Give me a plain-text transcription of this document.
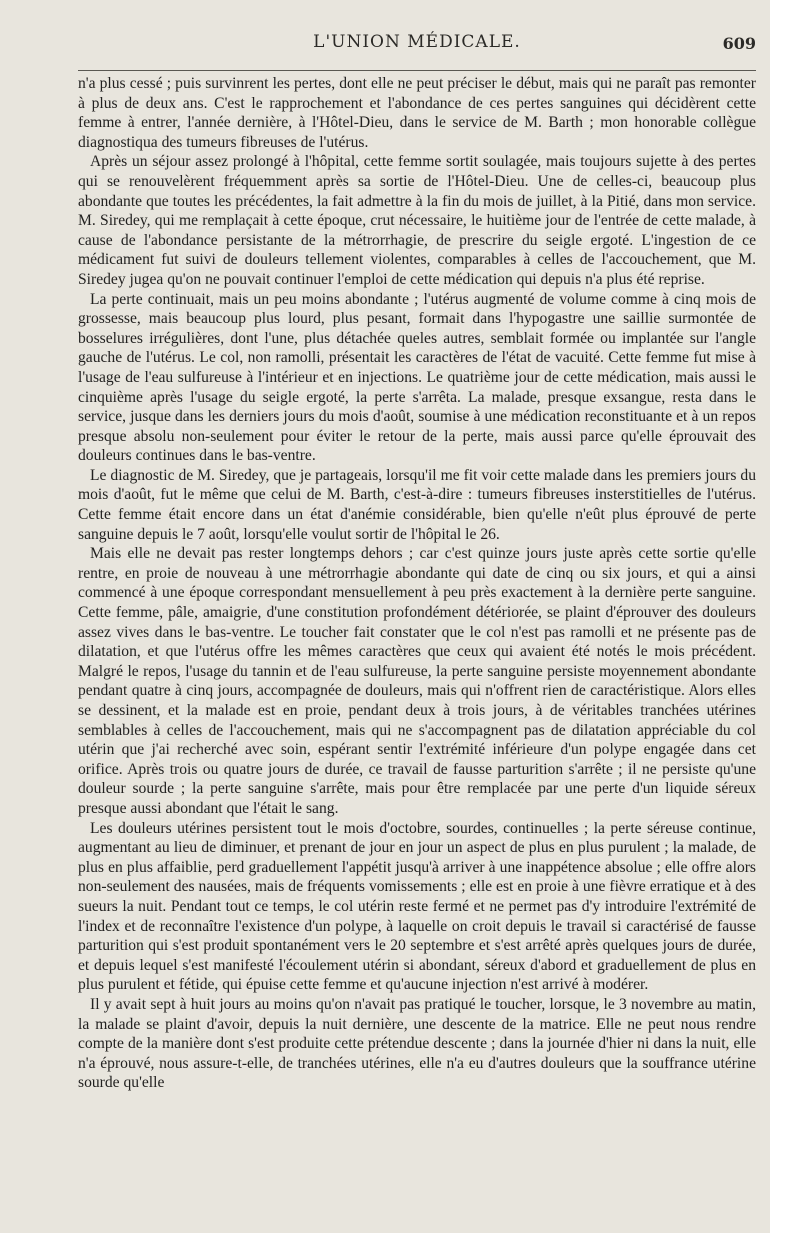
L'UNION MÉDICALE.	609

n'a plus cessé ; puis survinrent les pertes, dont elle ne peut préciser le début, mais qui ne paraît pas remonter à plus de deux ans. C'est le rapprochement et l'abondance de ces pertes sanguines qui décidèrent cette femme à entrer, l'année dernière, à l'Hôtel-Dieu, dans le service de M. Barth ; mon honorable collègue diagnostiqua des tumeurs fibreuses de l'utérus.

Après un séjour assez prolongé à l'hôpital, cette femme sortit soulagée, mais toujours sujette à des pertes qui se renouvelèrent fréquemment après sa sortie de l'Hôtel-Dieu. Une de celles-ci, beaucoup plus abondante que toutes les précédentes, la fait admettre à la fin du mois de juillet, à la Pitié, dans mon service. M. Siredey, qui me remplaçait à cette époque, crut nécessaire, le huitième jour de l'entrée de cette malade, à cause de l'abondance persistante de la métrorrhagie, de prescrire du seigle ergoté. L'ingestion de ce médicament fut suivi de douleurs tellement violentes, comparables à celles de l'accouchement, que M. Siredey jugea qu'on ne pouvait continuer l'emploi de cette médication qui depuis n'a plus été reprise.

La perte continuait, mais un peu moins abondante ; l'utérus augmenté de volume comme à cinq mois de grossesse, mais beaucoup plus lourd, plus pesant, formait dans l'hypogastre une saillie surmontée de bosselures irrégulières, dont l'une, plus détachée queles autres, semblait formée ou implantée sur l'angle gauche de l'utérus. Le col, non ramolli, présentait les caractères de l'état de vacuité. Cette femme fut mise à l'usage de l'eau sulfureuse à l'intérieur et en injections. Le quatrième jour de cette médication, mais aussi le cinquième après l'usage du seigle ergoté, la perte s'arrêta. La malade, presque exsangue, resta dans le service, jusque dans les derniers jours du mois d'août, soumise à une médication reconstituante et à un repos presque absolu non-seulement pour éviter le retour de la perte, mais aussi parce qu'elle éprouvait des douleurs continues dans le bas-ventre.

Le diagnostic de M. Siredey, que je partageais, lorsqu'il me fit voir cette malade dans les premiers jours du mois d'août, fut le même que celui de M. Barth, c'est-à-dire : tumeurs fibreuses insterstitielles de l'utérus. Cette femme était encore dans un état d'anémie considérable, bien qu'elle n'eût plus éprouvé de perte sanguine depuis le 7 août, lorsqu'elle voulut sortir de l'hôpital le 26.

Mais elle ne devait pas rester longtemps dehors ; car c'est quinze jours juste après cette sortie qu'elle rentre, en proie de nouveau à une métrorrhagie abondante qui date de cinq ou six jours, et qui a ainsi commencé à une époque correspondant mensuellement à peu près exactement à la dernière perte sanguine. Cette femme, pâle, amaigrie, d'une constitution profondément détériorée, se plaint d'éprouver des douleurs assez vives dans le bas-ventre. Le toucher fait constater que le col n'est pas ramolli et ne présente pas de dilatation, et que l'utérus offre les mêmes caractères que ceux qui avaient été notés le mois précédent. Malgré le repos, l'usage du tannin et de l'eau sulfureuse, la perte sanguine persiste moyennement abondante pendant quatre à cinq jours, accompagnée de douleurs, mais qui n'offrent rien de caractéristique. Alors elles se dessinent, et la malade est en proie, pendant deux à trois jours, à de véritables tranchées utérines semblables à celles de l'accouchement, mais qui ne s'accompagnent pas de dilatation appréciable du col utérin que j'ai recherché avec soin, espérant sentir l'extrémité inférieure d'un polype engagée dans cet orifice. Après trois ou quatre jours de durée, ce travail de fausse parturition s'arrête ; il ne persiste qu'une douleur sourde ; la perte sanguine s'arrête, mais pour être remplacée par une perte d'un liquide séreux presque aussi abondant que l'était le sang.

Les douleurs utérines persistent tout le mois d'octobre, sourdes, continuelles ; la perte séreuse continue, augmentant au lieu de diminuer, et prenant de jour en jour un aspect de plus en plus purulent ; la malade, de plus en plus affaiblie, perd graduellement l'appétit jusqu'à arriver à une inappétence absolue ; elle offre alors non-seulement des nausées, mais de fréquents vomissements ; elle est en proie à une fièvre erratique et à des sueurs la nuit. Pendant tout ce temps, le col utérin reste fermé et ne permet pas d'y introduire l'extrémité de l'index et de reconnaître l'existence d'un polype, à laquelle on croit depuis le travail si caractérisé de fausse parturition qui s'est produit spontanément vers le 20 septembre et s'est arrêté après quelques jours de durée, et depuis lequel s'est manifesté l'écoulement utérin si abondant, séreux d'abord et graduellement de plus en plus purulent et fétide, qui épuise cette femme et qu'aucune injection n'est arrivé à modérer.

Il y avait sept à huit jours au moins qu'on n'avait pas pratiqué le toucher, lorsque, le 3 novembre au matin, la malade se plaint d'avoir, depuis la nuit dernière, une descente de la matrice. Elle ne peut nous rendre compte de la manière dont s'est produite cette prétendue descente ; dans la journée d'hier ni dans la nuit, elle n'a éprouvé, nous assure-t-elle, de tranchées utérines, elle n'a eu d'autres douleurs que la souffrance utérine sourde qu'elle
